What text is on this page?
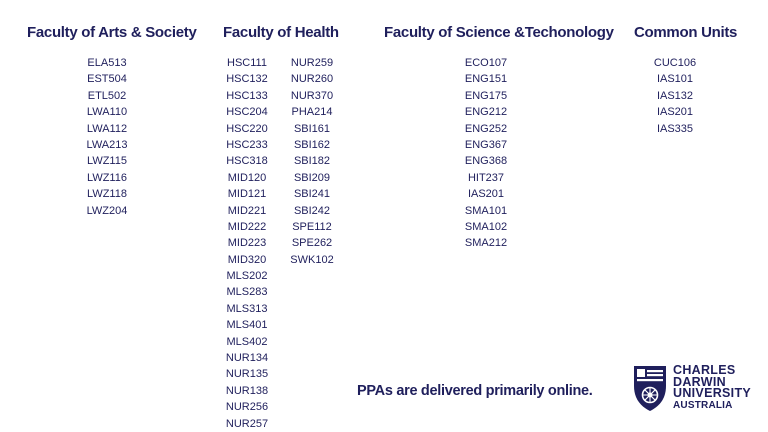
Faculty of Arts & Society Faculty of Health	Faculty of Science &Techonology Common Units
ELA513
EST504
ETL502
LWA110
LWA112
LWA213
LWZ115
LWZ116
LWZ118
LWZ204
HSC111
HSC132
HSC133
HSC204
HSC220
HSC233
HSC318
MID120
MID121
MID221
MID222
MID223
MID320
MLS202
MLS283
MLS313
MLS401
MLS402
NUR134
NUR135
NUR138
NUR256
NUR257
NUR259
NUR260
NUR370
PHA214
SBI161
SBI162
SBI182
SBI209
SBI241
SBI242
SPE112
SPE262
SWK102
ECO107
ENG151
ENG175
ENG212
ENG252
ENG367
ENG368
HIT237
IAS201
SMA101
SMA102
SMA212
CUC106
IAS101
IAS132
IAS201
IAS335
PPAs are delivered primarily online.
CHARLES
DARWIN
UNIVERSITY
AUSTRALIA
